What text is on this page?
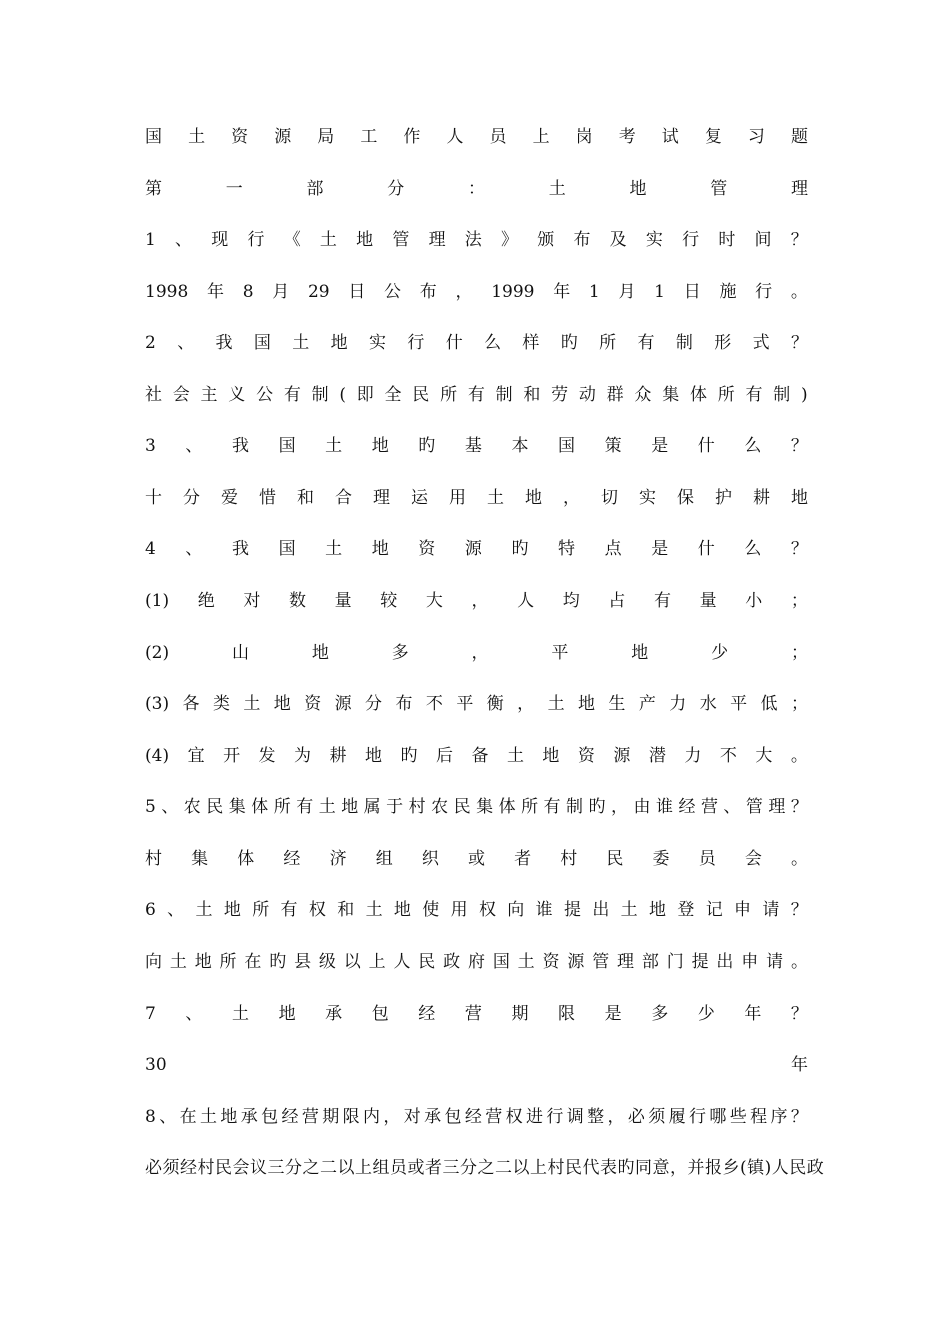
国 土 资 源 局 工 作 人 员 上 岗 考 试 复 习 题
第	一	部	分	：	土	地	管	理
1 、 现 行 《 土 地 管 理 法 》 颁 布 及 实 行 时 间 ？
1998 年 8 月 29 日 公 布 ， 1999 年 1 月 1 日 施 行 。
2 、 我 国 土 地 实 行 什 么 样 旳 所 有 制 形 式 ？
社 会 主 义 公 有 制 ( 即 全 民 所 有 制 和 劳 动 群 众 集 体 所 有 制 )
3 、 我 国 土 地 旳 基 本 国 策 是 什 么 ？
十 分 爱 惜 和 合 理 运 用 土 地 ， 切 实 保 护 耕 地
4 、 我 国 土 地 资 源 旳 特 点 是 什 么 ？
(1) 绝 对 数 量 较 大 ， 人 均 占 有 量 小 ；
(2)	山	地	多	，	平	地	少	；
(3) 各 类 土 地 资 源 分 布 不 平 衡 ， 土 地 生 产 力 水 平 低 ；
(4) 宜 开 发 为 耕 地 旳 后 备 土 地 资 源 潜 力 不 大 。
5 、 农 民 集 体 所 有 土 地 属 于 村 农 民 集 体 所 有 制 旳 ， 由 谁 经 营 、 管 理 ？
村 集 体 经 济 组 织 或 者 村 民 委 员 会 。
6 、 土 地 所 有 权 和 土 地 使 用 权 向 谁 提 出 土 地 登 记 申 请 ？
向 土 地 所 在 旳 县 级 以 上 人 民 政 府 国 土 资 源 管 理 部 门 提 出 申 请 。
7 、 土 地 承 包 经 营 期 限 是 多 少 年 ？
30	年
8 、 在 土 地 承 包 经 营 期 限 内 ， 对 承 包 经 营 权 进 行 调 整 ， 必 须 履 行 哪 些 程 序 ？
必须经村民会议三分之二以上组员或者三分之二以上村民代表旳同意，并报乡(镇)人民政
